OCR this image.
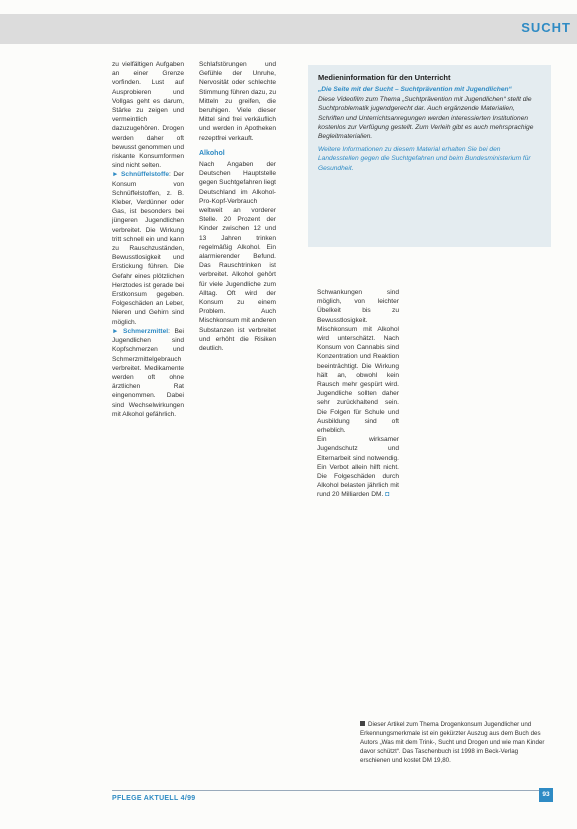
SUCHT

zu vielfältigen Aufgaben an einer Grenze vorfinden. Lust auf Ausprobieren und Vollgas geht es darum, Stärke zu zeigen und vermeintlich dazuzugehören. Drogen werden daher oft bewusst genommen und riskante Konsumformen sind nicht selten.

► Schnüffelstoffe: Der Konsum von Schnüffelstoffen, z. B. Kleber, Verdünner oder Gas, ist besonders bei jüngeren Jugendlichen verbreitet. Die Wirkung tritt schnell ein und kann zu Rauschzuständen, Bewusstlosigkeit und Erstickung führen. Die Gefahr eines plötzlichen Herztodes ist gerade bei Erstkonsum gegeben. Folgeschäden an Leber, Nieren und Gehirn sind möglich.

► Schmerzmittel: Bei Jugendlichen sind Kopfschmerzen und Schmerzmittelgebrauch verbreitet. Medikamente werden oft ohne ärztlichen Rat eingenommen. Dabei sind Wechselwirkungen mit Alkohol gefährlich.

Schlafstörungen und Gefühle der Unruhe, Nervosität oder schlechte Stimmung führen dazu, zu Mitteln zu greifen, die beruhigen. Viele dieser Mittel sind frei verkäuflich und werden in Apotheken rezeptfrei verkauft.

Alkohol

Nach Angaben der Deutschen Hauptstelle gegen Suchtgefahren liegt Deutschland im Alkohol-Pro-Kopf-Verbrauch weltweit an vorderer Stelle. 20 Prozent der Kinder zwischen 12 und 13 Jahren trinken regelmäßig Alkohol. Ein alarmierender Befund. Das Rauschtrinken ist verbreitet. Alkohol gehört für viele Jugendliche zum Alltag. Oft wird der Konsum zu einem Problem. Auch Mischkonsum mit anderen Substanzen ist verbreitet und erhöht die Risiken deutlich.

Medieninformation für den Unterricht
„Die Seite mit der Sucht – Suchtprävention mit Jugendlichen“
Diese Videofilm zum Thema „Suchtprävention mit Jugendlichen“ stellt die Suchtproblematik jugendgerecht dar. Auch ergänzende Materialien, Schriften und Unterrichtsanregungen werden interessierten Institutionen kostenlos zur Verfügung gestellt. Zum Verleih gibt es auch mehrsprachige Begleitmaterialien.
Weitere Informationen zu diesem Material erhalten Sie bei den Landesstellen gegen die Suchtgefahren und beim Bundesministerium für Gesundheit.

Schwankungen sind möglich, von leichter Übelkeit bis zu Bewusstlosigkeit. Mischkonsum mit Alkohol wird unterschätzt. Nach Konsum von Cannabis sind Konzentration und Reaktion beeinträchtigt. Die Wirkung hält an, obwohl kein Rausch mehr gespürt wird. Jugendliche sollten daher sehr zurückhaltend sein. Die Folgen für Schule und Ausbildung sind oft erheblich.

Ein wirksamer Jugendschutz und Elternarbeit sind notwendig. Ein Verbot allein hilft nicht. Die Folgeschäden durch Alkohol belasten jährlich mit rund 20 Milliarden DM. ◘

Dieser Artikel zum Thema Drogenkonsum Jugendlicher und Erkennungsmerkmale ist ein gekürzter Auszug aus dem Buch des Autors „Was mit dem Trink-, Sucht und Drogen und wie man Kinder davor schützt“. Das Taschenbuch ist 1998 im Beck-Verlag erschienen und kostet DM 19,80.
PFLEGE AKTUELL 4/99
93
